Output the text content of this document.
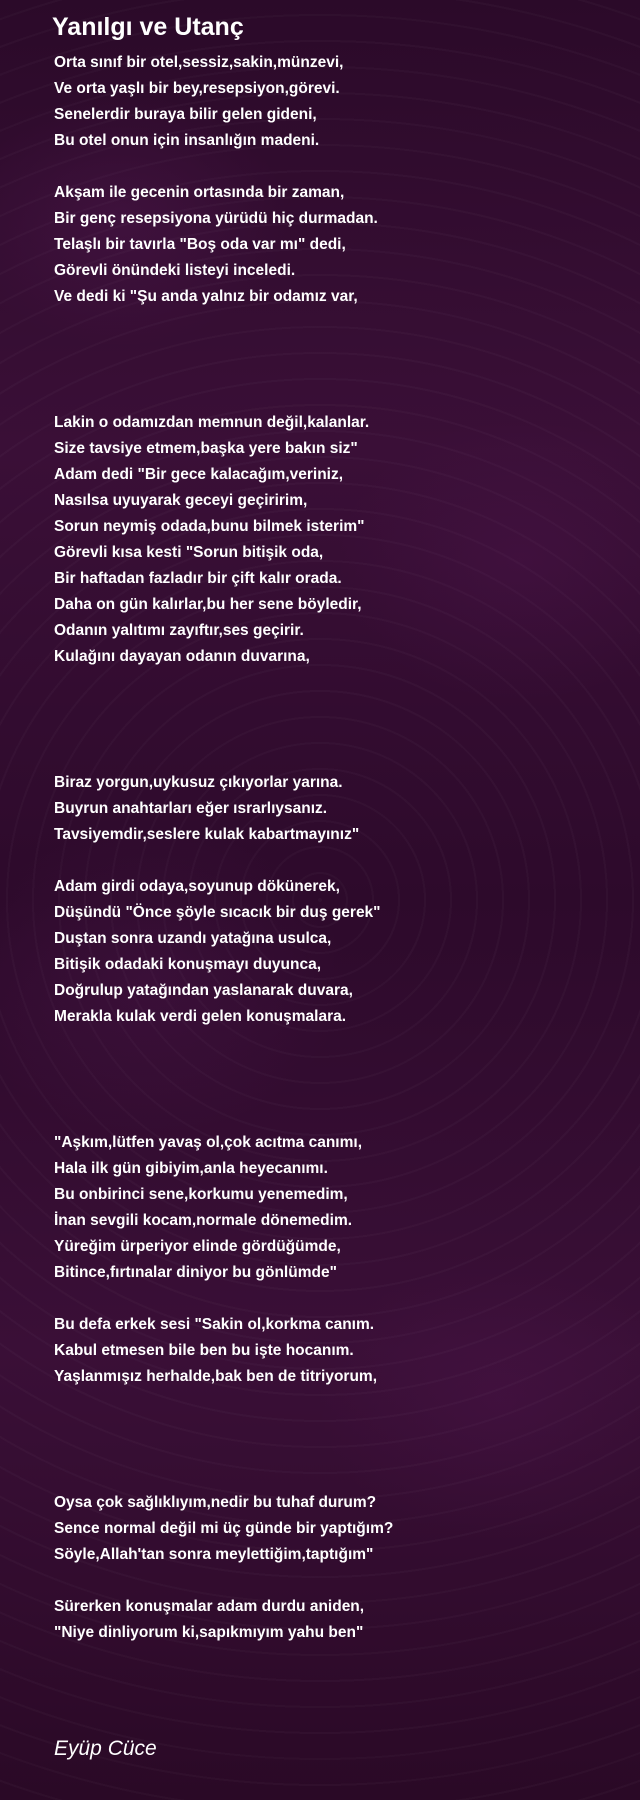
Yanılgı ve Utanç
Orta sınıf bir otel,sessiz,sakin,münzevi,
Ve orta yaşlı bir bey,resepsiyon,görevi.
Senelerdir buraya bilir gelen gideni,
Bu otel onun için insanlığın madeni.
Akşam ile gecenin ortasında bir zaman,
Bir genç resepsiyona yürüdü hiç durmadan.
Telaşlı bir tavırla "Boş oda var mı" dedi,
Görevli önündeki listeyi inceledi.
Ve dedi ki "Şu anda yalnız bir odamız var,
Lakin o odamızdan memnun değil,kalanlar.
Size tavsiye etmem,başka yere bakın siz"
Adam dedi "Bir gece kalacağım,veriniz,
Nasılsa uyuyarak geceyi geçiririm,
Sorun neymiş odada,bunu bilmek isterim"
Görevli kısa kesti "Sorun bitişik oda,
Bir haftadan fazladır bir çift kalır orada.
Daha on gün kalırlar,bu her sene böyledir,
Odanın yalıtımı zayıftır,ses geçirir.
Kulağını dayayan odanın duvarına,
Biraz yorgun,uykusuz çıkıyorlar yarına.
Buyrun anahtarları eğer ısrarlıysanız.
Tavsiyemdir,seslere kulak kabartmayınız"
Adam girdi odaya,soyunup dökünerek,
Düşündü "Önce şöyle sıcacık bir duş gerek"
Duştan sonra uzandı yatağına usulca,
Bitişik odadaki konuşmayı duyunca,
Doğrulup yatağından yaslanarak duvara,
Merakla kulak verdi gelen konuşmalara.
"Aşkım,lütfen yavaş ol,çok acıtma canımı,
Hala ilk gün gibiyim,anla heyecanımı.
Bu onbirinci sene,korkumu yenemedim,
İnan sevgili kocam,normale dönemedim.
Yüreğim ürperiyor elinde gördüğümde,
Bitince,fırtınalar diniyor bu gönlümde"
Bu defa erkek sesi "Sakin ol,korkma canım.
Kabul etmesen bile ben bu işte hocanım.
Yaşlanmışız herhalde,bak ben de titriyorum,
Oysa çok sağlıklıyım,nedir bu tuhaf durum?
Sence normal değil mi üç günde bir yaptığım?
Söyle,Allah'tan sonra meylettiğim,taptığım"
Sürerken konuşmalar adam durdu aniden,
"Niye dinliyorum ki,sapıkmıyım yahu ben"

Eyüp Cüce
